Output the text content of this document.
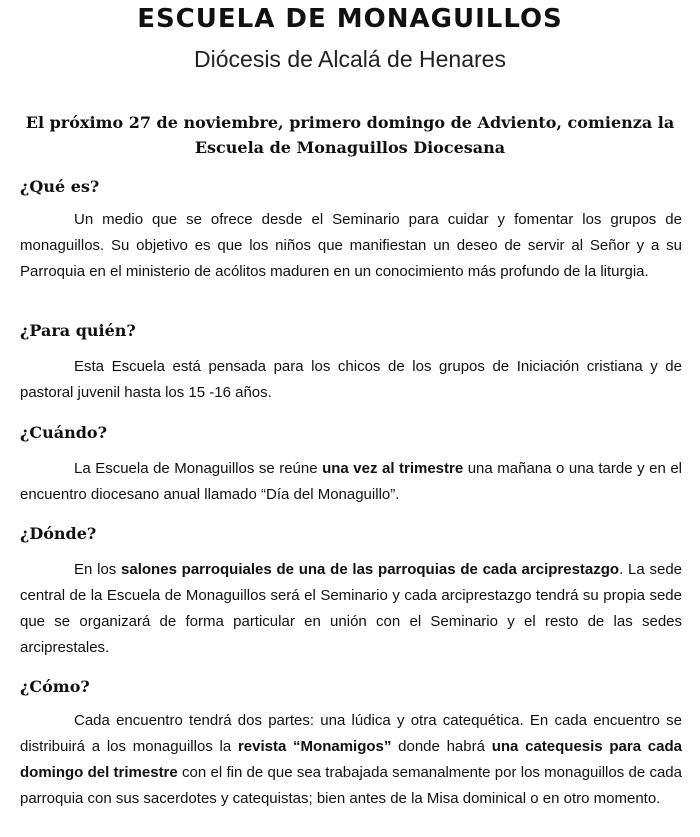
ESCUELA DE MONAGUILLOS
Diócesis de Alcalá de Henares

El próximo 27 de noviembre, primero domingo de Adviento, comienza la Escuela de Monaguillos Diocesana

¿Qué es?

Un medio que se ofrece desde el Seminario para cuidar y fomentar los grupos de monaguillos. Su objetivo es que los niños que manifiestan un deseo de servir al Señor y a su Parroquia en el ministerio de acólitos maduren en un conocimiento más profundo de la liturgia.

¿Para quién?

Esta Escuela está pensada para los chicos de los grupos de Iniciación cristiana y de pastoral juvenil hasta los 15 -16 años.

¿Cuándo?

La Escuela de Monaguillos se reúne una vez al trimestre una mañana o una tarde y en el encuentro diocesano anual llamado “Día del Monaguillo”.

¿Dónde?

En los salones parroquiales de una de las parroquias de cada arciprestazgo. La sede central de la Escuela de Monaguillos será el Seminario y cada arciprestazgo tendrá su propia sede que se organizará de forma particular en unión con el Seminario y el resto de las sedes arciprestales.

¿Cómo?

Cada encuentro tendrá dos partes: una lúdica y otra catequética. En cada encuentro se distribuirá a los monaguillos la revista “Monamigos” donde habrá una catequesis para cada domingo del trimestre con el fin de que sea trabajada semanalmente por los monaguillos de cada parroquia con sus sacerdotes y catequistas; bien antes de la Misa dominical o en otro momento.
